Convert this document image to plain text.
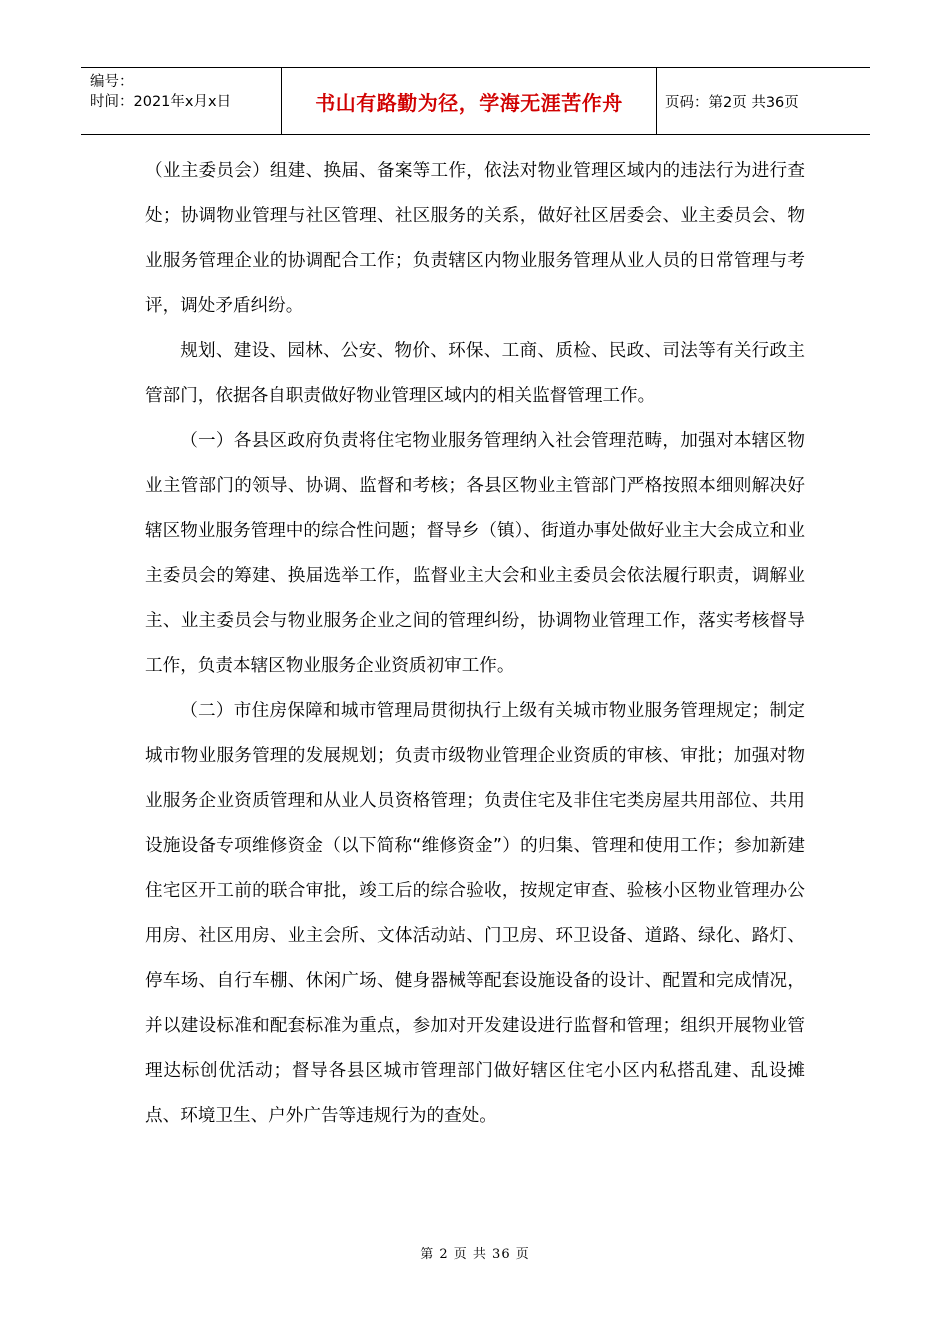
编号：
时间：2021年x月x日	书山有路勤为径，学海无涯苦作舟	页码：第2页 共36页

（业主委员会）组建、换届、备案等工作，依法对物业管理区域内的违法行为进行查处；协调物业管理与社区管理、社区服务的关系，做好社区居委会、业主委员会、物业服务管理企业的协调配合工作；负责辖区内物业服务管理从业人员的日常管理与考评，调处矛盾纠纷。

规划、建设、园林、公安、物价、环保、工商、质检、民政、司法等有关行政主管部门，依据各自职责做好物业管理区域内的相关监督管理工作。

（一）各县区政府负责将住宅物业服务管理纳入社会管理范畴，加强对本辖区物业主管部门的领导、协调、监督和考核；各县区物业主管部门严格按照本细则解决好辖区物业服务管理中的综合性问题；督导乡（镇）、街道办事处做好业主大会成立和业主委员会的筹建、换届选举工作，监督业主大会和业主委员会依法履行职责，调解业主、业主委员会与物业服务企业之间的管理纠纷，协调物业管理工作，落实考核督导工作，负责本辖区物业服务企业资质初审工作。

（二）市住房保障和城市管理局贯彻执行上级有关城市物业服务管理规定；制定城市物业服务管理的发展规划；负责市级物业管理企业资质的审核、审批；加强对物业服务企业资质管理和从业人员资格管理；负责住宅及非住宅类房屋共用部位、共用设施设备专项维修资金（以下简称“维修资金”）的归集、管理和使用工作；参加新建住宅区开工前的联合审批，竣工后的综合验收，按规定审查、验核小区物业管理办公用房、社区用房、业主会所、文体活动站、门卫房、环卫设备、道路、绿化、路灯、停车场、自行车棚、休闲广场、健身器械等配套设施设备的设计、配置和完成情况，并以建设标准和配套标准为重点，参加对开发建设进行监督和管理；组织开展物业管理达标创优活动；督导各县区城市管理部门做好辖区住宅小区内私搭乱建、乱设摊点、环境卫生、户外广告等违规行为的查处。

第 2 页 共 36 页
